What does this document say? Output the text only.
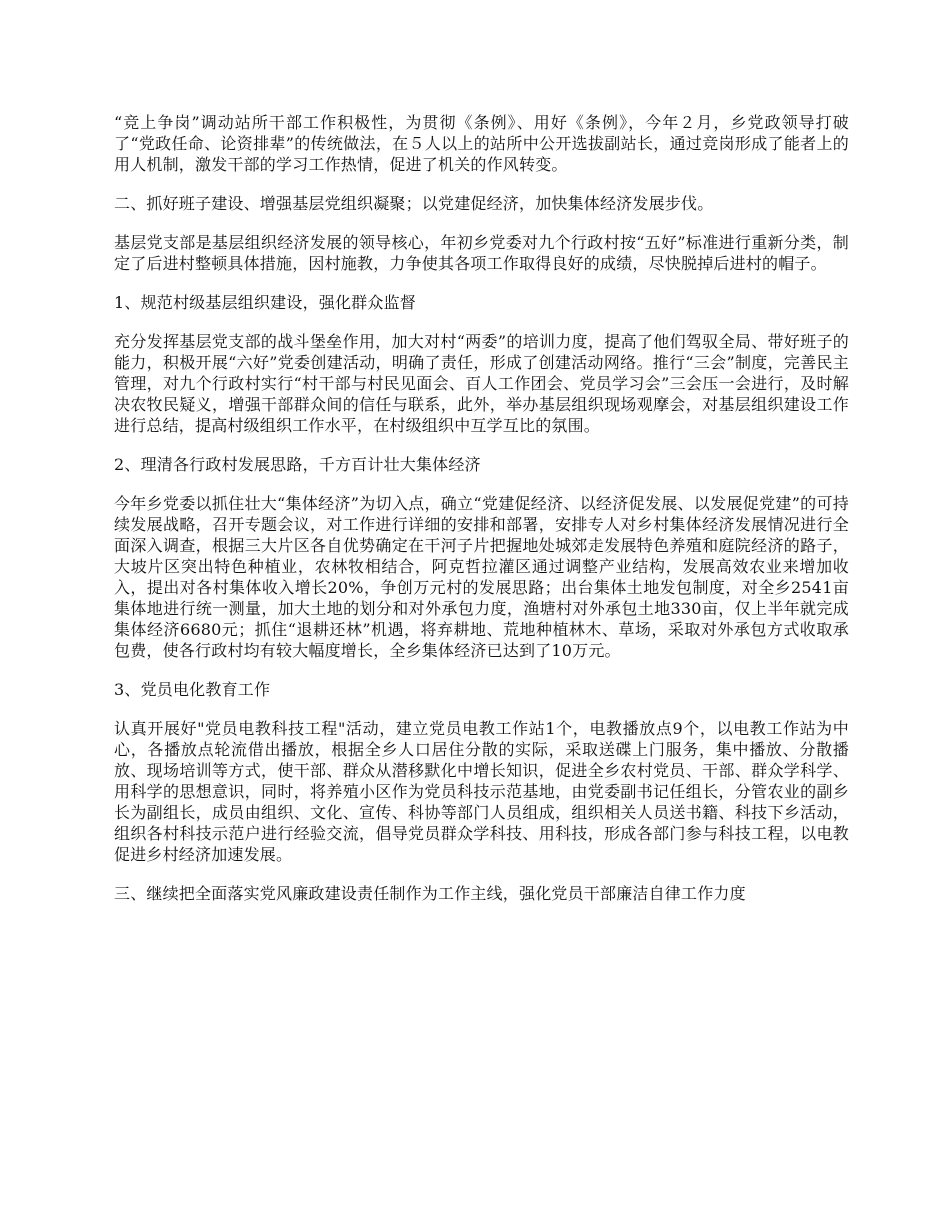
“竞上争岗”调动站所干部工作积极性，为贯彻《条例》、用好《条例》，今年２月，乡党政领导打破了“党政任命、论资排辈”的传统做法，在５人以上的站所中公开选拔副站长，通过竞岗形成了能者上的用人机制，激发干部的学习工作热情，促进了机关的作风转变。

二、抓好班子建设、增强基层党组织凝聚；以党建促经济，加快集体经济发展步伐。

基层党支部是基层组织经济发展的领导核心，年初乡党委对九个行政村按“五好”标准进行重新分类，制定了后进村整顿具体措施，因村施教，力争使其各项工作取得良好的成绩，尽快脱掉后进村的帽子。

1、规范村级基层组织建设，强化群众监督

充分发挥基层党支部的战斗堡垒作用，加大对村“两委”的培训力度，提高了他们驾驭全局、带好班子的能力，积极开展“六好”党委创建活动，明确了责任，形成了创建活动网络。推行“三会”制度，完善民主管理，对九个行政村实行“村干部与村民见面会、百人工作团会、党员学习会”三会压一会进行，及时解决农牧民疑义，增强干部群众间的信任与联系，此外，举办基层组织现场观摩会，对基层组织建设工作进行总结，提高村级组织工作水平，在村级组织中互学互比的氛围。

2、理清各行政村发展思路，千方百计壮大集体经济

今年乡党委以抓住壮大“集体经济”为切入点，确立“党建促经济、以经济促发展、以发展促党建”的可持续发展战略，召开专题会议，对工作进行详细的安排和部署，安排专人对乡村集体经济发展情况进行全面深入调查，根据三大片区各自优势确定在干河子片把握地处城郊走发展特色养殖和庭院经济的路子，大坡片区突出特色种植业，农林牧相结合，阿克哲拉灌区通过调整产业结构，发展高效农业来增加收入，提出对各村集体收入增长20%，争创万元村的发展思路；出台集体土地发包制度，对全乡2541亩集体地进行统一测量，加大土地的划分和对外承包力度，渔塘村对外承包土地330亩，仅上半年就完成集体经济6680元；抓住“退耕还林”机遇，将弃耕地、荒地种植林木、草场，采取对外承包方式收取承包费，使各行政村均有较大幅度增长，全乡集体经济已达到了10万元。

3、党员电化教育工作

认真开展好"党员电教科技工程"活动，建立党员电教工作站1个，电教播放点9个，以电教工作站为中心，各播放点轮流借出播放，根据全乡人口居住分散的实际，采取送碟上门服务，集中播放、分散播放、现场培训等方式，使干部、群众从潜移默化中增长知识，促进全乡农村党员、干部、群众学科学、用科学的思想意识，同时，将养殖小区作为党员科技示范基地，由党委副书记任组长，分管农业的副乡长为副组长，成员由组织、文化、宣传、科协等部门人员组成，组织相关人员送书籍、科技下乡活动，组织各村科技示范户进行经验交流，倡导党员群众学科技、用科技，形成各部门参与科技工程，以电教促进乡村经济加速发展。

三、继续把全面落实党风廉政建设责任制作为工作主线，强化党员干部廉洁自律工作力度
